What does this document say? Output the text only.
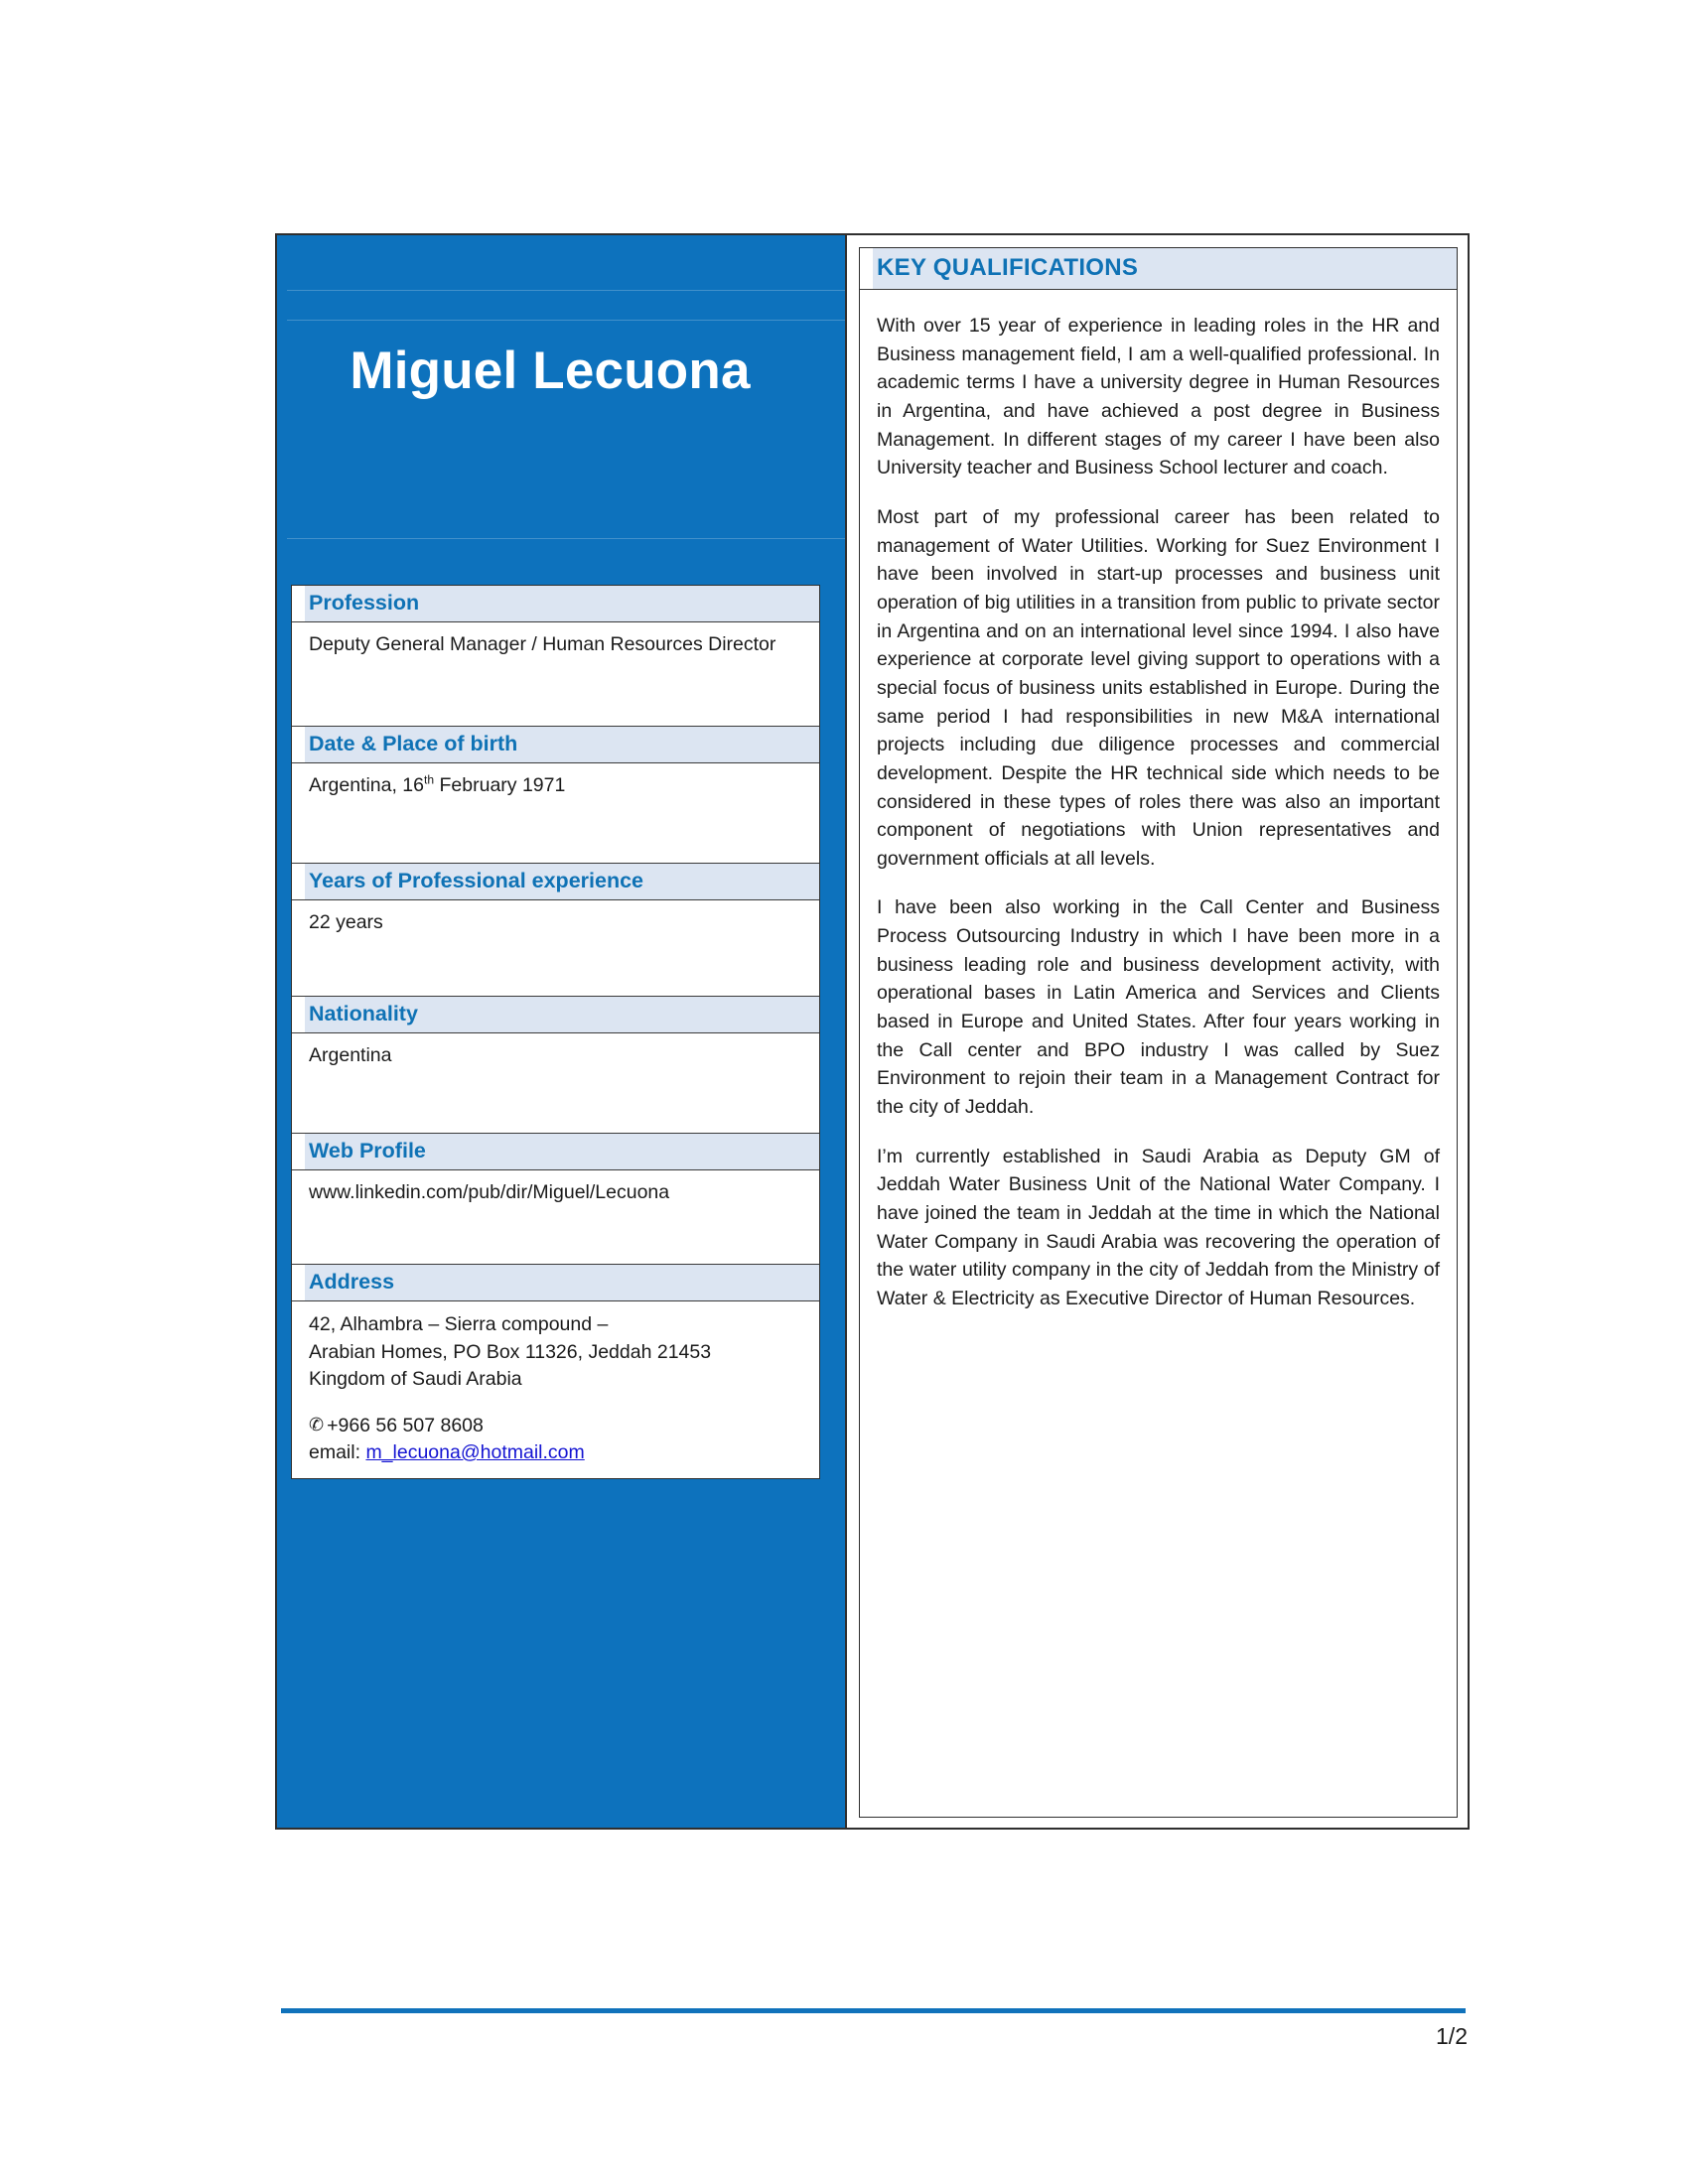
Miguel Lecuona
Profession
Deputy General Manager / Human Resources Director
Date & Place of birth
Argentina, 16th February 1971
Years of Professional experience
22 years
Nationality
Argentina
Web Profile
www.linkedin.com/pub/dir/Miguel/Lecuona
Address
42, Alhambra – Sierra compound –
Arabian Homes, PO Box 11326, Jeddah 21453
Kingdom of Saudi Arabia
✆ +966 56 507 8608
email: m_lecuona@hotmail.com
KEY QUALIFICATIONS

With over 15 year of experience in leading roles in the HR and Business management field, I am a well-qualified professional. In academic terms I have a university degree in Human Resources in Argentina, and have achieved a post degree in Business Management. In different stages of my career I have been also University teacher and Business School lecturer and coach.

Most part of my professional career has been related to management of Water Utilities. Working for Suez Environment I have been involved in start-up processes and business unit operation of big utilities in a transition from public to private sector in Argentina and on an international level since 1994. I also have experience at corporate level giving support to operations with a special focus of business units established in Europe. During the same period I had responsibilities in new M&A international projects including due diligence processes and commercial development. Despite the HR technical side which needs to be considered in these types of roles there was also an important component of negotiations with Union representatives and government officials at all levels.

I have been also working in the Call Center and Business Process Outsourcing Industry in which I have been more in a business leading role and business development activity, with operational bases in Latin America and Services and Clients based in Europe and United States. After four years working in the Call center and BPO industry I was called by Suez Environment to rejoin their team in a Management Contract for the city of Jeddah.

I’m currently established in Saudi Arabia as Deputy GM of Jeddah Water Business Unit of the National Water Company. I have joined the team in Jeddah at the time in which the National Water Company in Saudi Arabia was recovering the operation of the water utility company in the city of Jeddah from the Ministry of Water & Electricity as Executive Director of Human Resources.

1/2
